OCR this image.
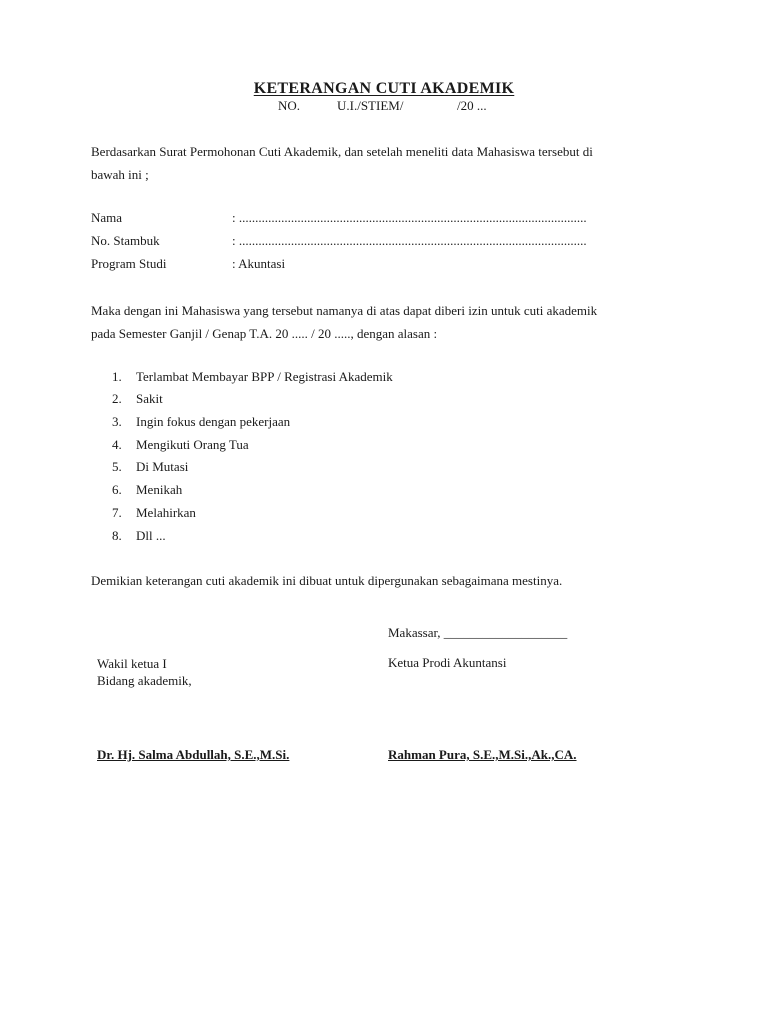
KETERANGAN CUTI AKADEMIK
NO.	U.I./STIEM/	/20 ...
Berdasarkan Surat Permohonan Cuti Akademik, dan setelah meneliti data Mahasiswa tersebut di
bawah ini ;
Nama	: ...........................................................................................................
No. Stambuk	: ...........................................................................................................
Program Studi	: Akuntasi
Maka dengan ini Mahasiswa yang tersebut namanya di atas dapat diberi izin untuk cuti akademik
pada Semester Ganjil / Genap T.A. 20 ..... / 20 ....., dengan alasan :
1. Terlambat Membayar BPP / Registrasi Akademik
2. Sakit
3. Ingin fokus dengan pekerjaan
4. Mengikuti Orang Tua
5. Di Mutasi
6. Menikah
7. Melahirkan
8. Dll ...
Demikian keterangan cuti akademik ini dibuat untuk dipergunakan sebagaimana mestinya.
Makassar, ___________________
Wakil ketua I
Bidang akademik,
Ketua Prodi Akuntansi
Dr. Hj. Salma Abdullah, S.E.,M.Si.	Rahman Pura, S.E.,M.Si.,Ak.,CA.
